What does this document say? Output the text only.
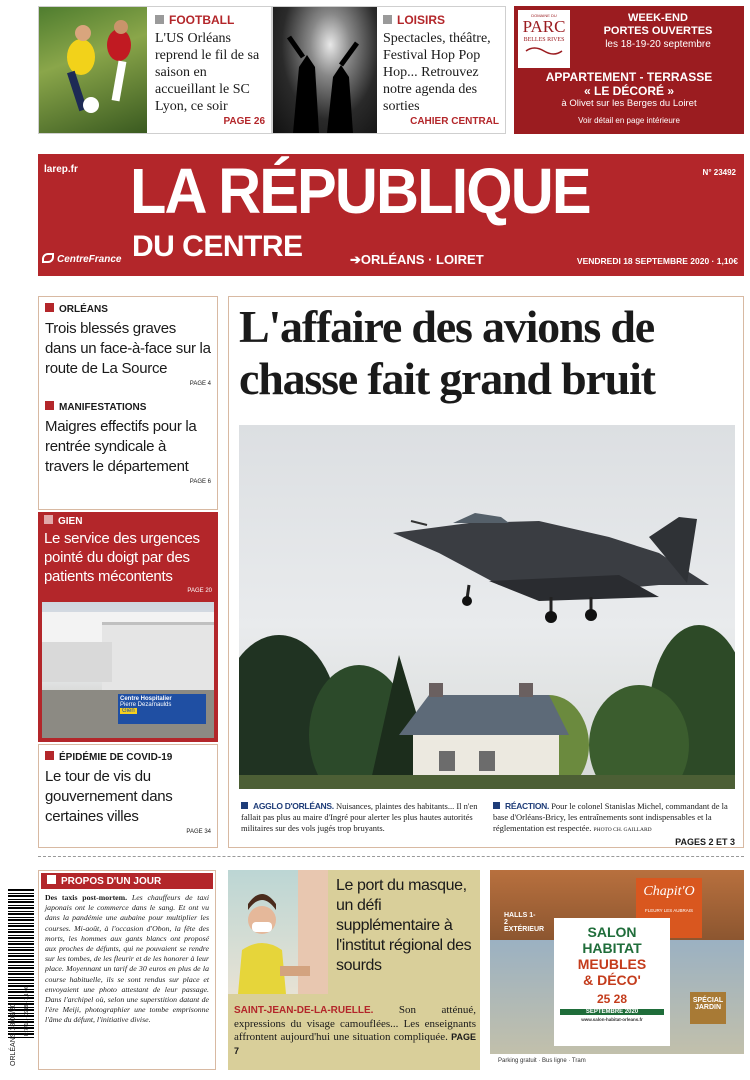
FOOTBALL
L'US Orléans reprend le fil de sa saison en accueillant le SC Lyon, ce soir
PAGE 26
LOISIRS
Spectacles, théâtre, Festival Hop Pop Hop... Retrouvez notre agenda des sorties
CAHIER CENTRAL
DOMAINE DU
PARC
BELLES RIVES
WEEK-END
PORTES OUVERTES
les 18-19-20 septembre
APPARTEMENT - TERRASSE
« LE DÉCORÉ »
à Olivet sur les Berges du Loiret
Voir détail en page intérieure
larep.fr	N° 23492
LA RÉPUBLIQUE
DU CENTRE	➔ORLÉANS · LOIRET
CentreFrance	VENDREDI 18 SEPTEMBRE 2020 · 1,10€
ORLÉANS
Trois blessés graves dans un face-à-face sur la route de La Source
PAGE 4
MANIFESTATIONS
Maigres effectifs pour la rentrée syndicale à travers le département
PAGE 6
GIEN
Le service des urgences pointé du doigt par des patients mécontents
PAGE 20
Centre Hospitalier
Pierre Dezarnaulds
Gien
ÉPIDÉMIE DE COVID-19
Le tour de vis du gouvernement dans certaines villes
PAGE 34
L'affaire des avions de
chasse fait grand bruit
AGGLO D'ORLÉANS. Nuisances, plaintes des habitants... Il n'en fallait pas plus au maire d'Ingré pour alerter les plus hautes autorités militaires sur des vols jugés trop bruyants.
RÉACTION. Pour le colonel Stanislas Michel, commandant de la base d'Orléans-Bricy, les entraînements sont indispensables et la réglementation est respectée. PHOTO CH. GAILLARD
PAGES 2 ET 3
ORLÉANS 18/09/20 R 7711 · 0918 · 1,10 €
PROPOS D'UN JOUR
Des taxis post-mortem. Les chauffeurs de taxi japonais ont le commerce dans le sang. Et ont vu dans la pandémie une aubaine pour multiplier les courses. Mi-août, à l'occasion d'Obon, la fête des morts, les hommes aux gants blancs ont proposé aux proches de défunts, qui ne pouvaient se rendre sur les tombes, de les fleurir et de les honorer à leur place. Moyennant un tarif de 30 euros en plus de la course habituelle, ils se sont rendus sur place et envoyaient une photo attestant de leur passage. Dans l'archipel où, selon une superstition datant de l'ère Meiji, photographier une tombe emprisonne l'âme du défunt, l'initiative divise.
Le port du masque, un défi supplémentaire à l'institut régional des sourds
SAINT-JEAN-DE-LA-RUELLE. Son atténué, expressions du visage camouflées... Les enseignants affrontent aujourd'hui une situation compliquée. PAGE 7
Chapit'O
FLEURY LES AUBRAIS
HALLS 1-2 EXTÉRIEUR	SALON
HABITAT
MEUBLES
& DÉCO'
25 28
SEPTEMBRE 2020
www.salon-habitat-orleans.fr
SPÉCIAL
JARDIN
Parking gratuit · Bus ligne · Tram
